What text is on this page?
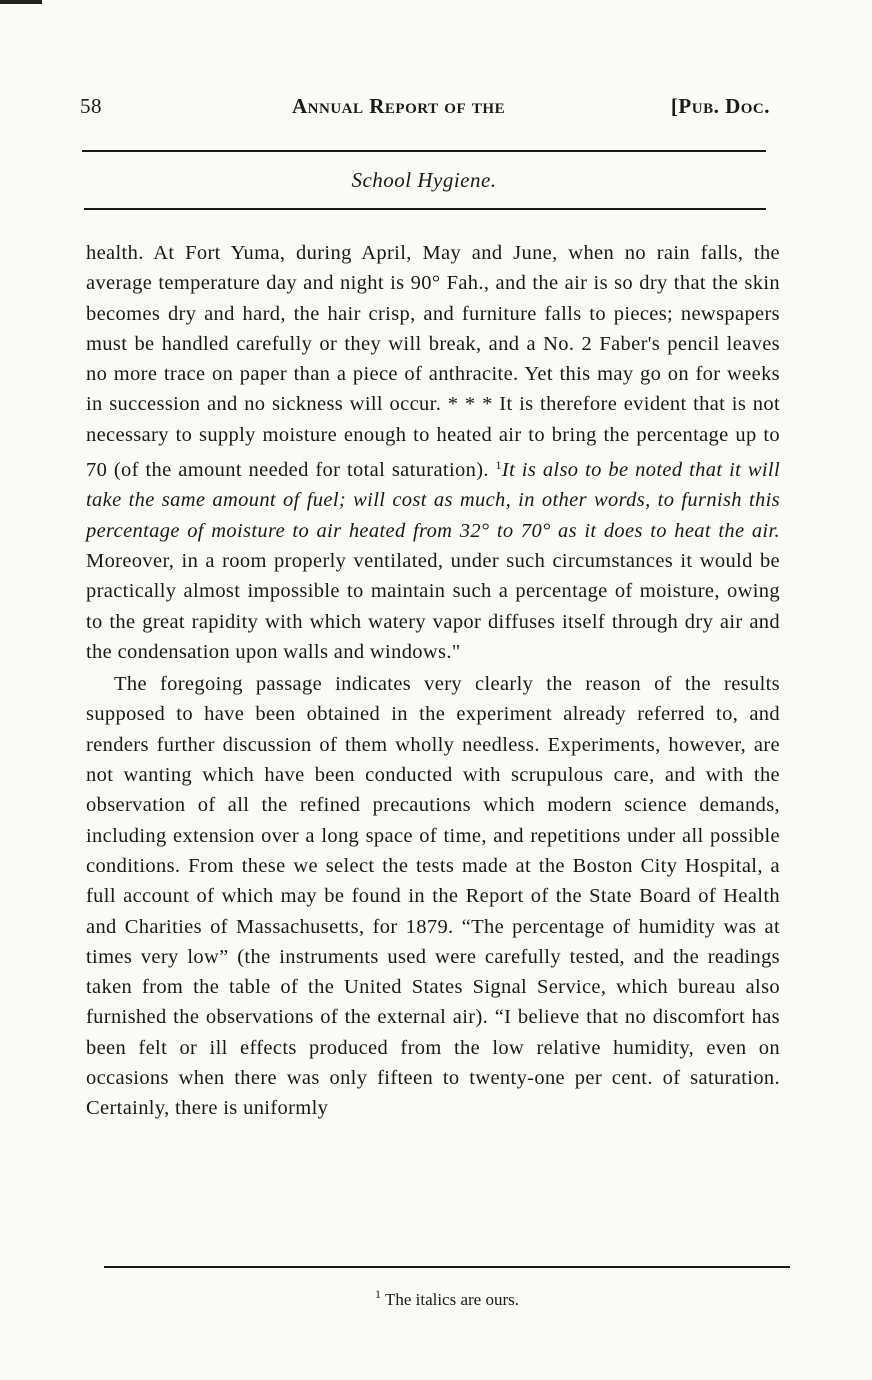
58	Annual Report of the	[Pub. Doc.
School Hygiene.

health. At Fort Yuma, during April, May and June, when no rain falls, the average temperature day and night is 90° Fah., and the air is so dry that the skin becomes dry and hard, the hair crisp, and furniture falls to pieces; newspapers must be handled carefully or they will break, and a No. 2 Faber's pencil leaves no more trace on paper than a piece of anthracite. Yet this may go on for weeks in succession and no sickness will occur. * * * It is therefore evident that is not necessary to supply moisture enough to heated air to bring the percentage up to 70 (of the amount needed for total saturation). $^1$It is also to be noted that it will take the same amount of fuel; will cost as much, in other words, to furnish this percentage of moisture to air heated from 32° to 70° as it does to heat the air. Moreover, in a room properly ventilated, under such circumstances it would be practically almost impossible to maintain such a percentage of moisture, owing to the great rapidity with which watery vapor diffuses itself through dry air and the condensation upon walls and windows."

The foregoing passage indicates very clearly the reason of the results supposed to have been obtained in the experiment already referred to, and renders further discussion of them wholly needless. Experiments, however, are not wanting which have been conducted with scrupulous care, and with the observation of all the refined precautions which modern science demands, including extension over a long space of time, and repetitions under all possible conditions. From these we select the tests made at the Boston City Hospital, a full account of which may be found in the Report of the State Board of Health and Charities of Massachusetts, for 1879. “The percentage of humidity was at times very low” (the instruments used were carefully tested, and the readings taken from the table of the United States Signal Service, which bureau also furnished the observations of the external air). “I believe that no discomfort has been felt or ill effects produced from the low relative humidity, even on occasions when there was only fifteen to twenty-one per cent. of saturation. Certainly, there is uniformly

$^1$ The italics are ours.
